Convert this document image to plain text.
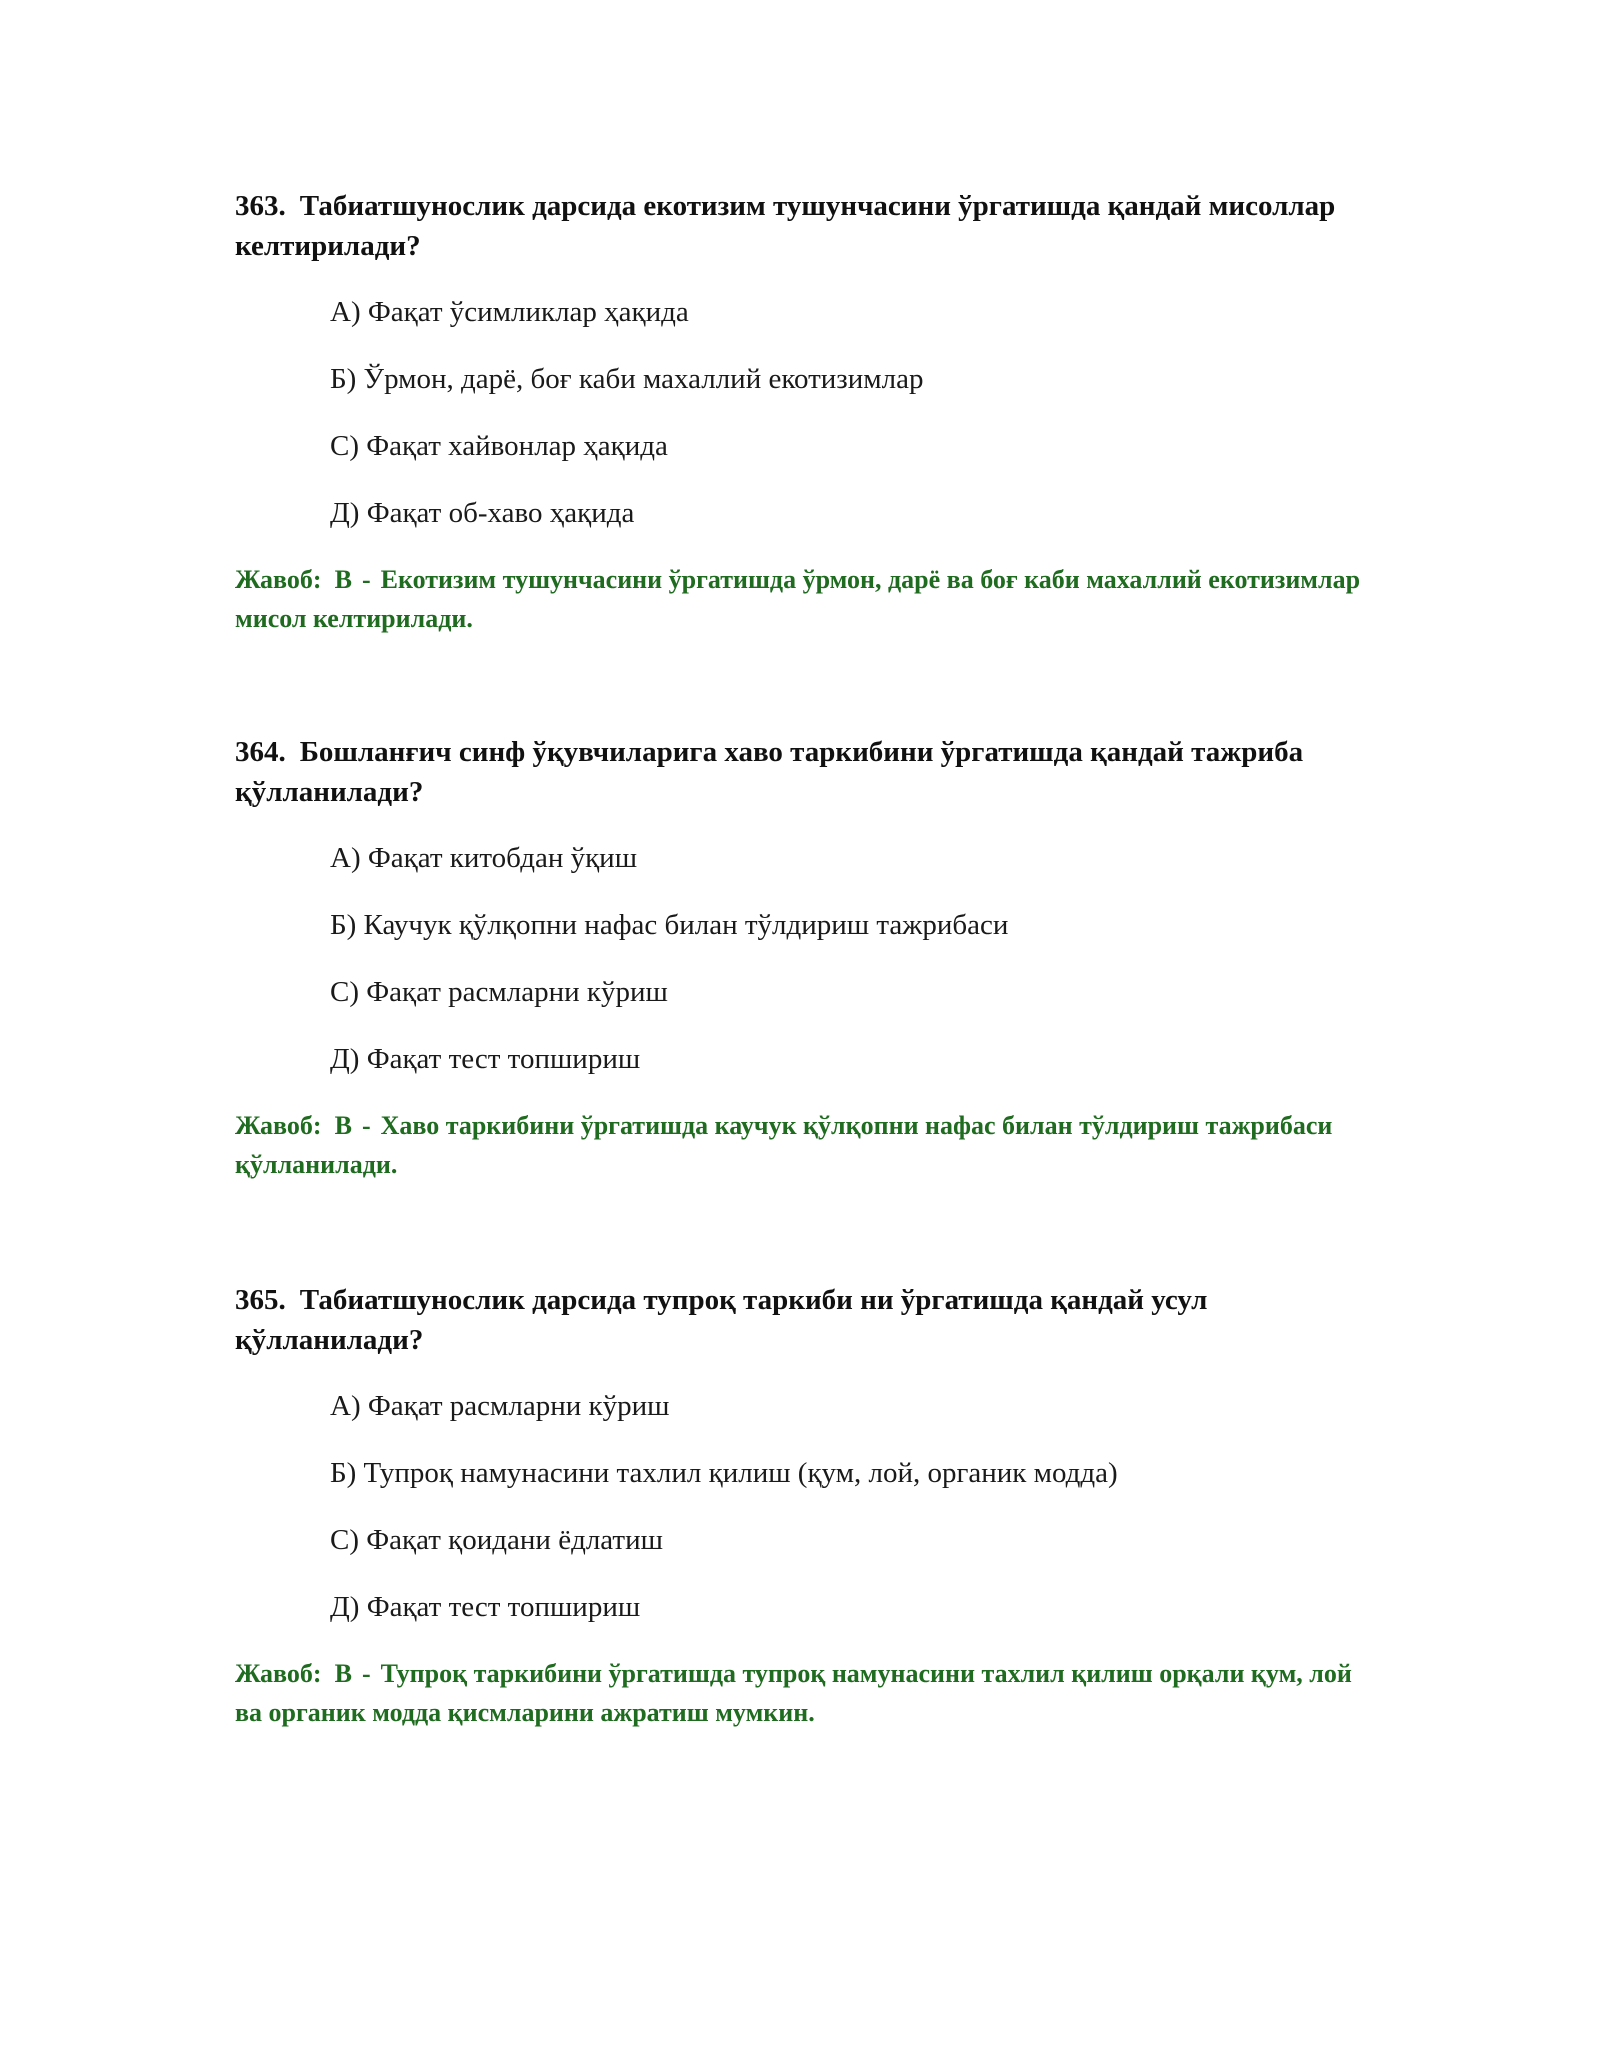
363. Табиатшунослик дарсида екотизим тушунчасини ўргатишда қандай мисоллар келтирилади?

А) Фақат ўсимликлар ҳақида
Б) Ўрмон, дарё, боғ каби махаллий екотизимлар
С) Фақат хайвонлар ҳақида
Д) Фақат об-хаво ҳақида

Жавоб: B - Екотизим тушунчасини ўргатишда ўрмон, дарё ва боғ каби махаллий екотизимлар мисол келтирилади.

364. Бошланғич синф ўқувчиларига хаво таркибини ўргатишда қандай тажриба қўлланилади?

А) Фақат китобдан ўқиш
Б) Каучук қўлқопни нафас билан тўлдириш тажрибаси
С) Фақат расмларни кўриш
Д) Фақат тест топшириш

Жавоб: B - Хаво таркибини ўргатишда каучук қўлқопни нафас билан тўлдириш тажрибаси қўлланилади.

365. Табиатшунослик дарсида тупроқ таркиби ни ўргатишда қандай усул қўлланилади?

А) Фақат расмларни кўриш
Б) Тупроқ намунасини тахлил қилиш (қум, лой, органик модда)
С) Фақат қоидани ёдлатиш
Д) Фақат тест топшириш

Жавоб: B - Тупроқ таркибини ўргатишда тупроқ намунасини тахлил қилиш орқали қум, лой ва органик модда қисмларини ажратиш мумкин.
